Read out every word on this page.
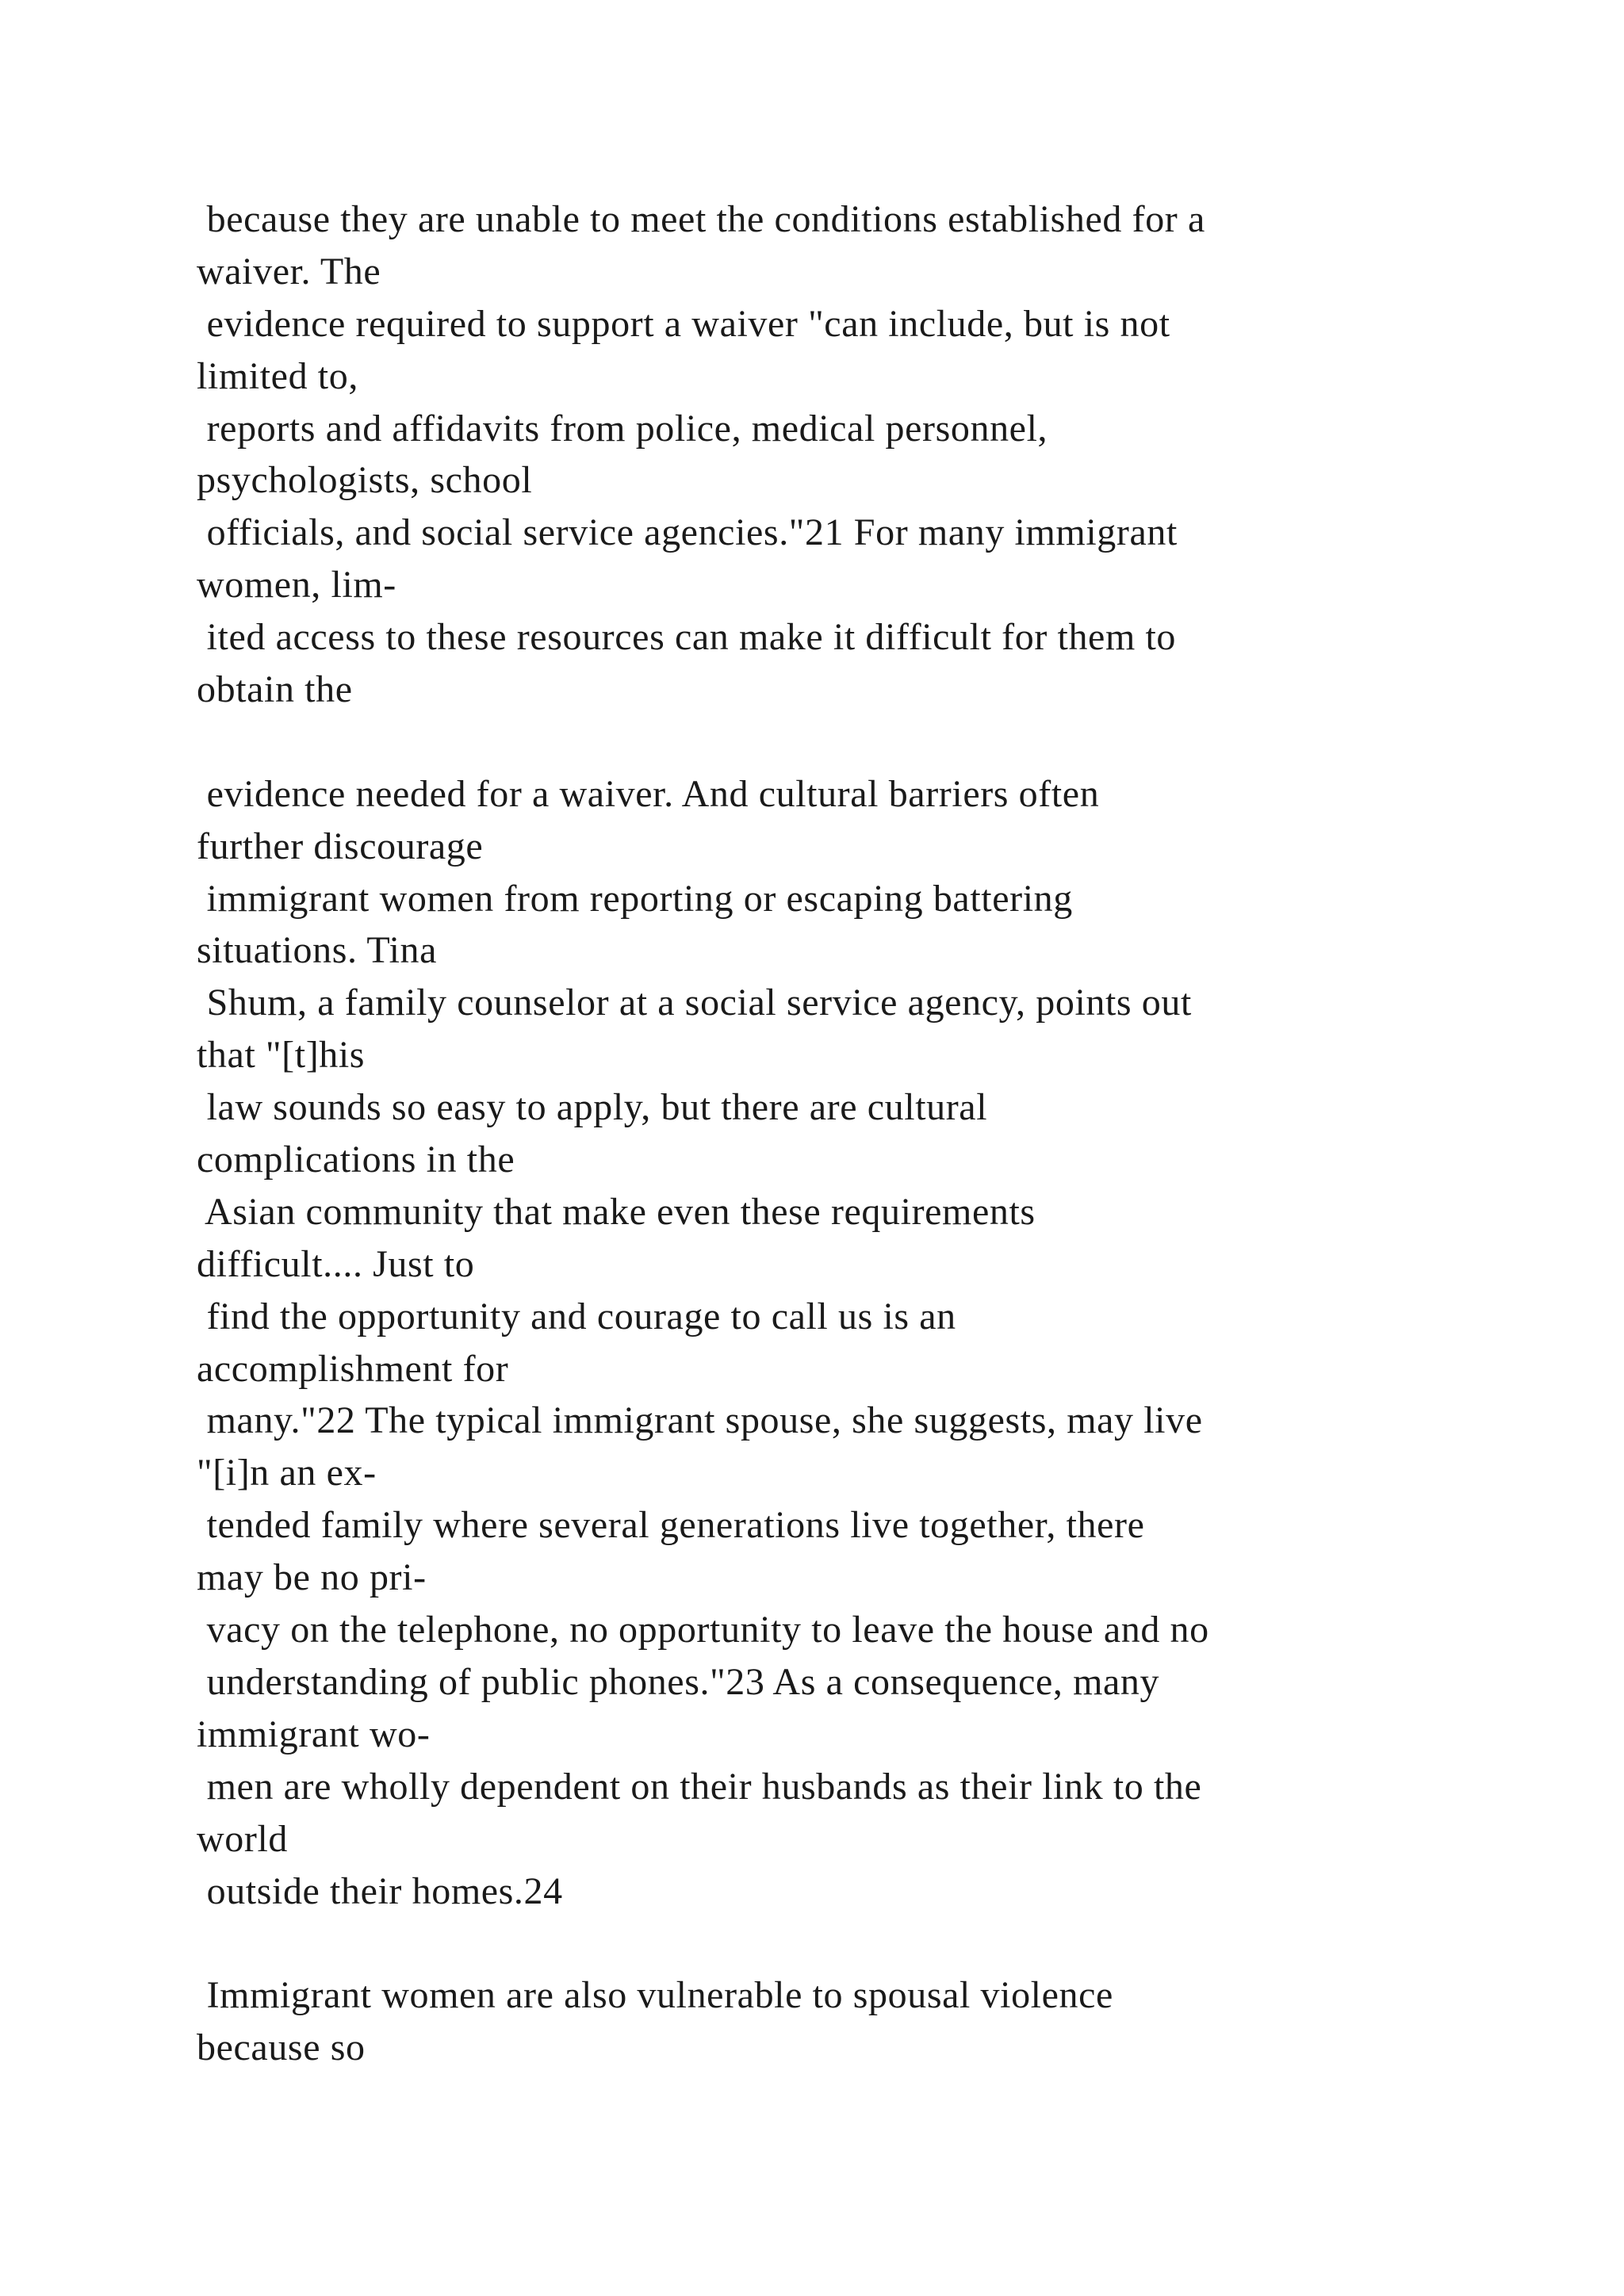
because they are unable to meet the conditions established for a
waiver. The
evidence required to support a waiver "can include, but is not
limited to,
reports and affidavits from police, medical personnel,
psychologists, school
officials, and social service agencies."21 For many immigrant
women, lim-
ited access to these resources can make it difficult for them to
obtain the
evidence needed for a waiver. And cultural barriers often
further discourage
immigrant women from reporting or escaping battering
situations. Tina
Shum, a family counselor at a social service agency, points out
that "[t]his
law sounds so easy to apply, but there are cultural
complications in the
Asian community that make even these requirements
difficult.... Just to
find the opportunity and courage to call us is an
accomplishment for
many."22 The typical immigrant spouse, she suggests, may live
"[i]n an ex-
tended family where several generations live together, there
may be no pri-
vacy on the telephone, no opportunity to leave the house and no
understanding of public phones."23 As a consequence, many
immigrant wo-
men are wholly dependent on their husbands as their link to the
world
outside their homes.24
Immigrant women are also vulnerable to spousal violence
because so
